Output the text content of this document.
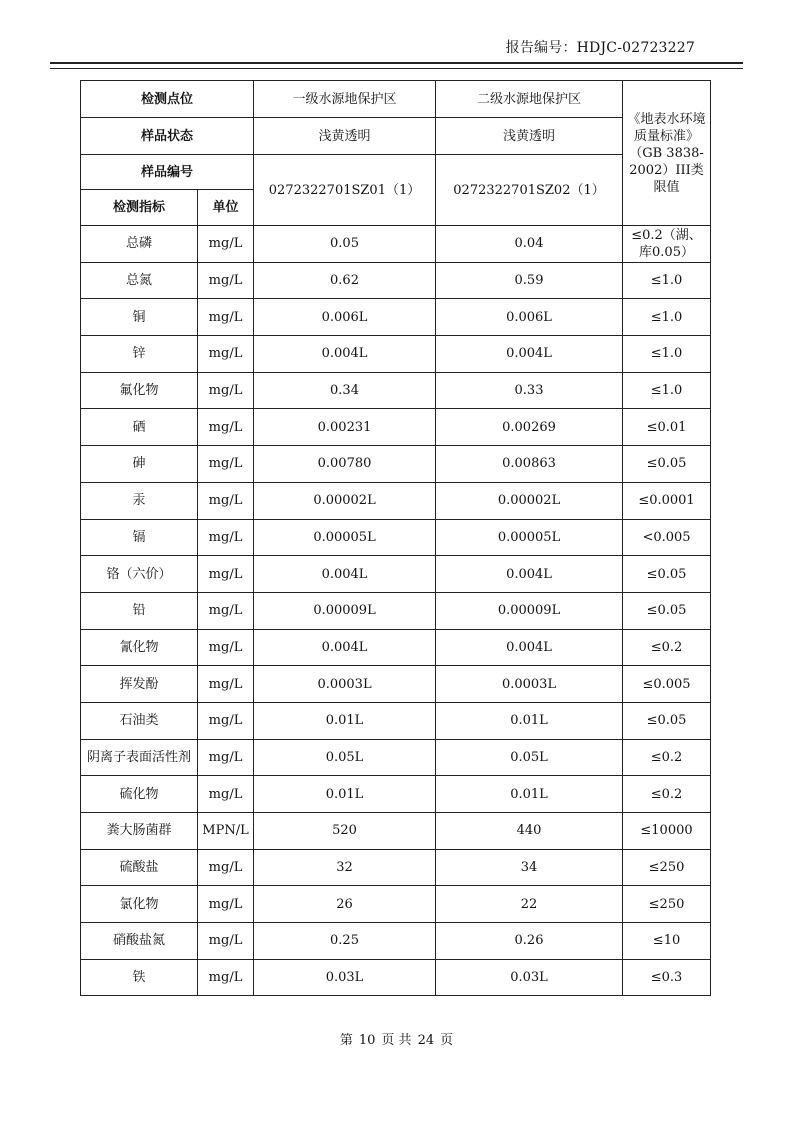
报告编号：HDJC-02723227
检测点位		一级水源地保护区	二级水源地保护区	《地表水环境质量标准》（GB 3838-2002）III类限值
样品状态		浅黄透明	浅黄透明	
样品编号		0272322701SZ01（1）	0272322701SZ02（1）	
检测指标	单位			
总磷	mg/L	0.05	0.04	≤0.2（湖、库0.05）
总氮	mg/L	0.62	0.59	≤1.0
铜	mg/L	0.006L	0.006L	≤1.0
锌	mg/L	0.004L	0.004L	≤1.0
氟化物	mg/L	0.34	0.33	≤1.0
硒	mg/L	0.00231	0.00269	≤0.01
砷	mg/L	0.00780	0.00863	≤0.05
汞	mg/L	0.00002L	0.00002L	≤0.0001
镉	mg/L	0.00005L	0.00005L	<0.005
铬（六价）	mg/L	0.004L	0.004L	≤0.05
铅	mg/L	0.00009L	0.00009L	≤0.05
氰化物	mg/L	0.004L	0.004L	≤0.2
挥发酚	mg/L	0.0003L	0.0003L	≤0.005
石油类	mg/L	0.01L	0.01L	≤0.05
阴离子表面活性剂	mg/L	0.05L	0.05L	≤0.2
硫化物	mg/L	0.01L	0.01L	≤0.2
粪大肠菌群	MPN/L	520	440	≤10000
硫酸盐	mg/L	32	34	≤250
氯化物	mg/L	26	22	≤250
硝酸盐氮	mg/L	0.25	0.26	≤10
铁	mg/L	0.03L	0.03L	≤0.3
第 10 页 共 24 页
